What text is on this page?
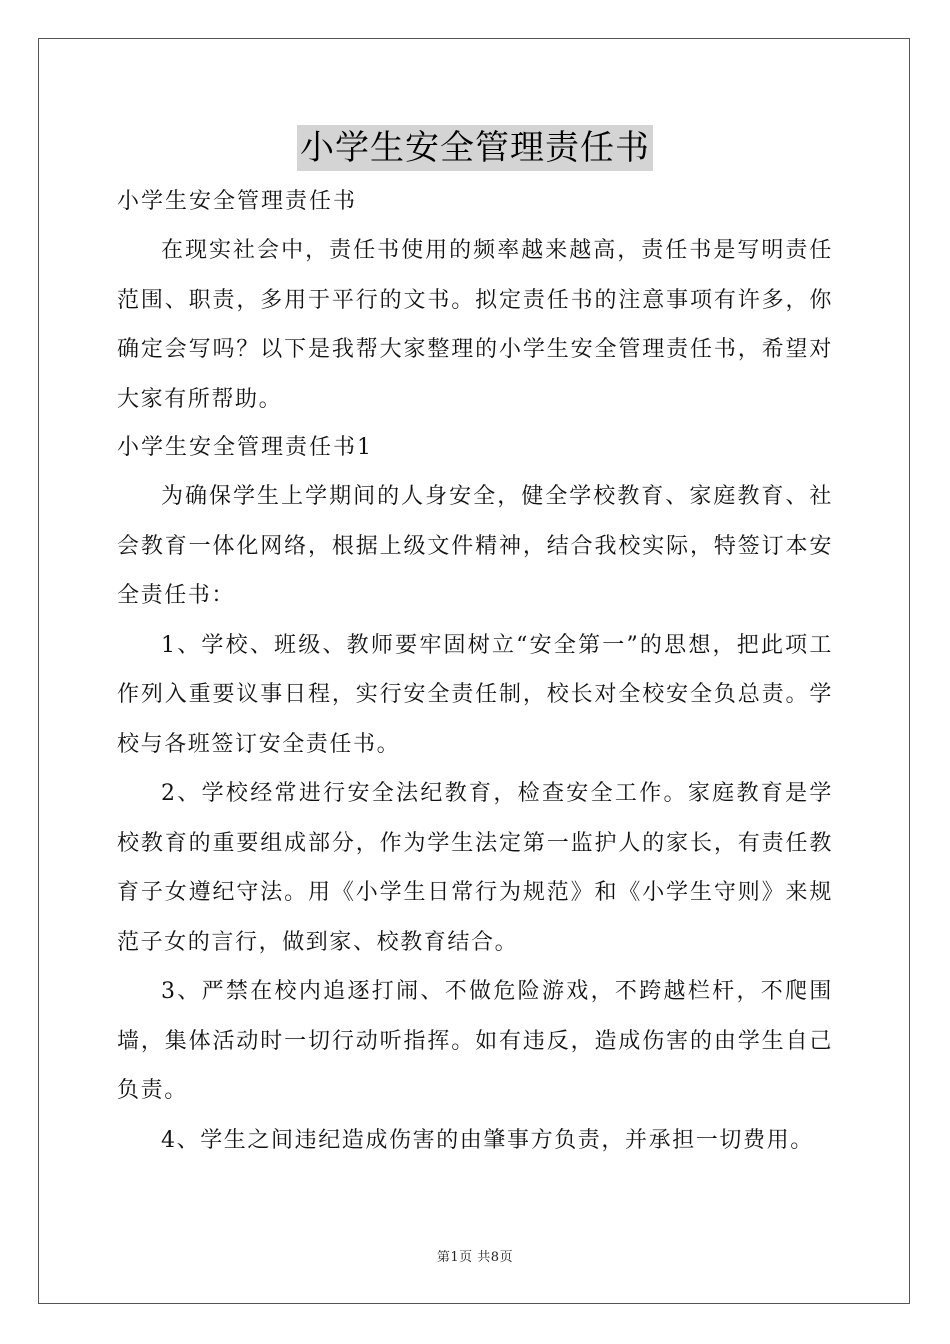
小学生安全管理责任书

小学生安全管理责任书

在现实社会中，责任书使用的频率越来越高，责任书是写明责任范围、职责，多用于平行的文书。拟定责任书的注意事项有许多，你确定会写吗？以下是我帮大家整理的小学生安全管理责任书，希望对大家有所帮助。

小学生安全管理责任书1

为确保学生上学期间的人身安全，健全学校教育、家庭教育、社会教育一体化网络，根据上级文件精神，结合我校实际，特签订本安全责任书：

1、学校、班级、教师要牢固树立“安全第一”的思想，把此项工作列入重要议事日程，实行安全责任制，校长对全校安全负总责。学校与各班签订安全责任书。

2、学校经常进行安全法纪教育，检查安全工作。家庭教育是学校教育的重要组成部分，作为学生法定第一监护人的家长，有责任教育子女遵纪守法。用《小学生日常行为规范》和《小学生守则》来规范子女的言行，做到家、校教育结合。

3、严禁在校内追逐打闹、不做危险游戏，不跨越栏杆，不爬围墙，集体活动时一切行动听指挥。如有违反，造成伤害的由学生自己负责。

4、学生之间违纪造成伤害的由肇事方负责，并承担一切费用。

第1页 共8页
